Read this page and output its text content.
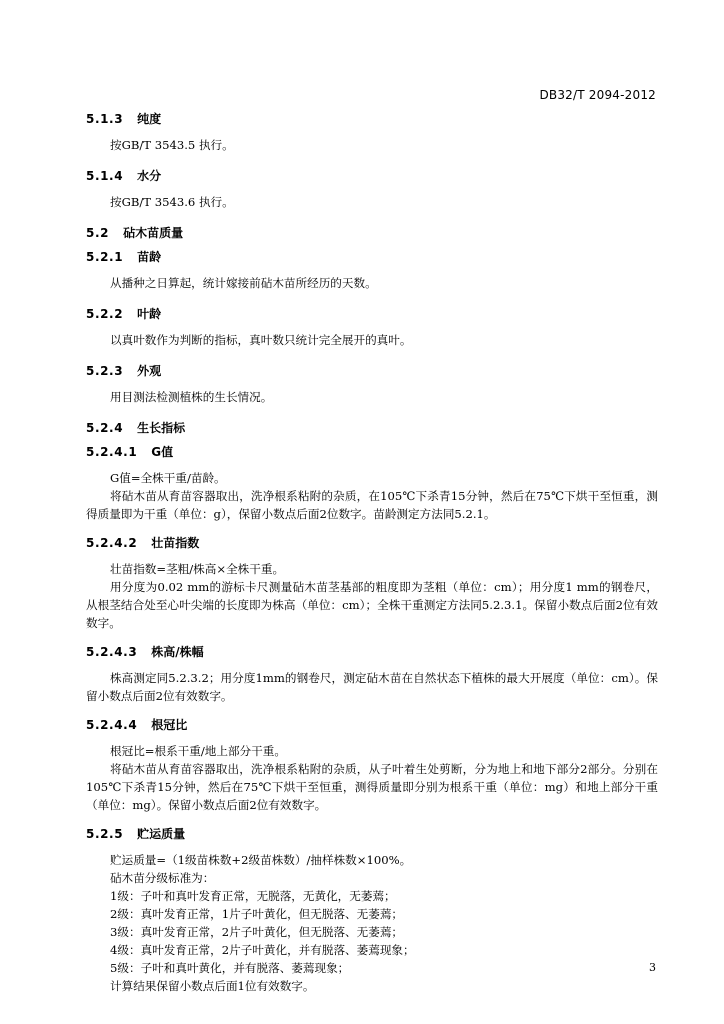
DB32/T 2094-2012
5.1.3 纯度

按GB/T 3543.5 执行。

5.1.4 水分

按GB/T 3543.6 执行。

5.2 砧木苗质量
5.2.1 苗龄

从播种之日算起，统计嫁接前砧木苗所经历的天数。

5.2.2 叶龄

以真叶数作为判断的指标，真叶数只统计完全展开的真叶。

5.2.3 外观

用目测法检测植株的生长情况。

5.2.4 生长指标
5.2.4.1 G值

G值=全株干重/苗龄。

将砧木苗从育苗容器取出，洗净根系粘附的杂质，在105℃下杀青15分钟，然后在75℃下烘干至恒重，测得质量即为干重（单位：g），保留小数点后面2位数字。苗龄测定方法同5.2.1。

5.2.4.2 壮苗指数

壮苗指数=茎粗/株高×全株干重。

用分度为0.02 mm的游标卡尺测量砧木苗茎基部的粗度即为茎粗（单位：cm）；用分度1 mm的钢卷尺，从根茎结合处至心叶尖端的长度即为株高（单位：cm）；全株干重测定方法同5.2.3.1。保留小数点后面2位有效数字。

5.2.4.3 株高/株幅

株高测定同5.2.3.2；用分度1mm的钢卷尺，测定砧木苗在自然状态下植株的最大开展度（单位：cm）。保留小数点后面2位有效数字。

5.2.4.4 根冠比

根冠比=根系干重/地上部分干重。

将砧木苗从育苗容器取出，洗净根系粘附的杂质，从子叶着生处剪断，分为地上和地下部分2部分。分别在105℃下杀青15分钟，然后在75℃下烘干至恒重，测得质量即分别为根系干重（单位：mg）和地上部分干重（单位：mg）。保留小数点后面2位有效数字。

5.2.5 贮运质量

贮运质量=（1级苗株数+2级苗株数）/抽样株数×100%。

砧木苗分级标准为：

1级：子叶和真叶发育正常，无脱落，无黄化，无萎蔫；

2级：真叶发育正常，1片子叶黄化，但无脱落、无萎蔫；

3级：真叶发育正常，2片子叶黄化，但无脱落、无萎蔫；

4级：真叶发育正常，2片子叶黄化，并有脱落、萎蔫现象；

5级：子叶和真叶黄化，并有脱落、萎蔫现象；

计算结果保留小数点后面1位有效数字。

3
